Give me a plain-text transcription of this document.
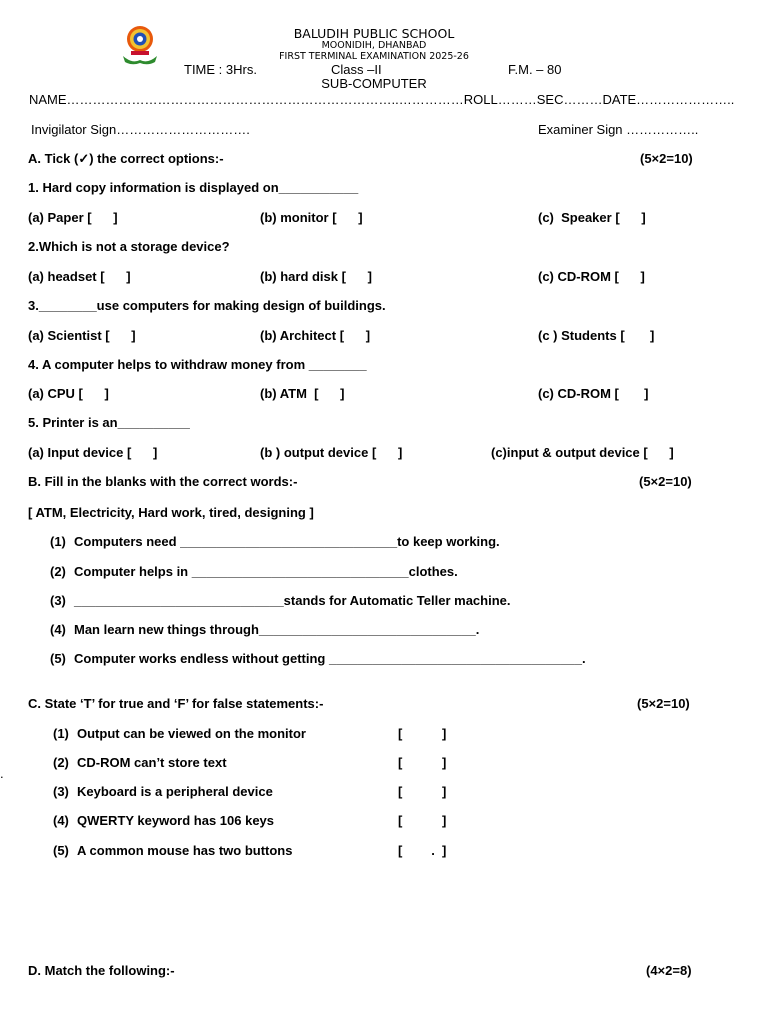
BALUDIH PUBLIC SCHOOL
MOONIDIH, DHANBAD
FIRST TERMINAL EXAMINATION 2025-26
TIME : 3Hrs.	Class –II	F.M. – 80
SUB-COMPUTER
NAME…………………………………………………………………..……………ROLL………SEC………DATE…………………..
Invigilator Sign………………………….	Examiner Sign ……………..
A. Tick (✓) the correct options:-	(5×2=10)
1. Hard copy information is displayed on___________
(a) Paper [      ]	(b) monitor [      ]	(c)  Speaker [      ]
2.Which is not a storage device?
(a) headset [      ]	(b) hard disk [      ]	(c) CD-ROM [      ]
3.________use computers for making design of buildings.
(a) Scientist [      ]	(b) Architect [      ]	(c ) Students [       ]
4. A computer helps to withdraw money from ________
(a) CPU [      ]	(b) ATM  [      ]	(c) CD-ROM [       ]
5. Printer is an__________
(a) Input device [      ]	(b ) output device [      ]	(c)input & output device [      ]
B. Fill in the blanks with the correct words:-	(5×2=10)
[ ATM, Electricity, Hard work, tired, designing ]
(1) Computers need ______________________________to keep working.
(2) Computer helps in ______________________________clothes.
(3) _____________________________stands for Automatic Teller machine.
(4) Man learn new things through______________________________.
(5) Computer works endless without getting ___________________________________.
C. State ‘T’ for true and ‘F’ for false statements:-	(5×2=10)
(1) Output can be viewed on the monitor	[           ]
.
(2) CD-ROM can’t store text	[           ]
(3) Keyboard is a peripheral device	[           ]
(4) QWERTY keyword has 106 keys	[           ]
(5) A common mouse has two buttons	[        .  ]
D. Match the following:-	(4×2=8)
